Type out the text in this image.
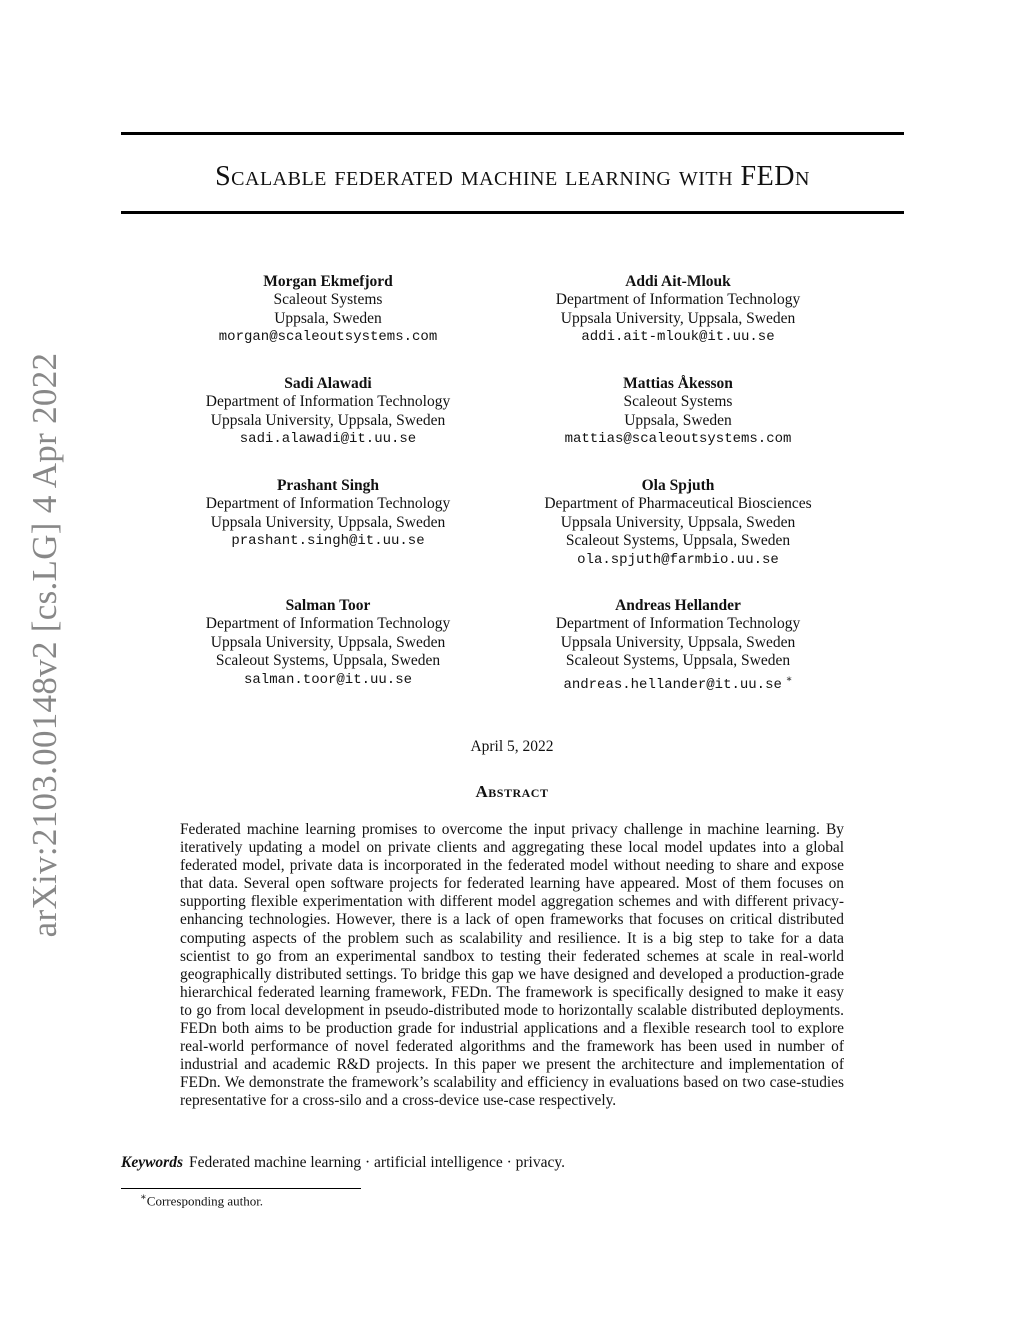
arXiv:2103.00148v2 [cs.LG] 4 Apr 2022
Scalable federated machine learning with FEDn
Morgan Ekmefjord
Scaleout Systems
Uppsala, Sweden
morgan@scaleoutsystems.com
Addi Ait-Mlouk
Department of Information Technology
Uppsala University, Uppsala, Sweden
addi.ait-mlouk@it.uu.se
Sadi Alawadi
Department of Information Technology
Uppsala University, Uppsala, Sweden
sadi.alawadi@it.uu.se
Mattias Åkesson
Scaleout Systems
Uppsala, Sweden
mattias@scaleoutsystems.com
Prashant Singh
Department of Information Technology
Uppsala University, Uppsala, Sweden
prashant.singh@it.uu.se
Ola Spjuth
Department of Pharmaceutical Biosciences
Uppsala University, Uppsala, Sweden
Scaleout Systems, Uppsala, Sweden
ola.spjuth@farmbio.uu.se
Salman Toor
Department of Information Technology
Uppsala University, Uppsala, Sweden
Scaleout Systems, Uppsala, Sweden
salman.toor@it.uu.se
Andreas Hellander
Department of Information Technology
Uppsala University, Uppsala, Sweden
Scaleout Systems, Uppsala, Sweden
andreas.hellander@it.uu.se ∗
April 5, 2022
Abstract
Federated machine learning promises to overcome the input privacy challenge in machine learning. By iteratively updating a model on private clients and aggregating these local model updates into a global federated model, private data is incorporated in the federated model without needing to share and expose that data. Several open software projects for federated learning have appeared. Most of them focuses on supporting flexible experimentation with different model aggregation schemes and with different privacy-enhancing technologies. However, there is a lack of open frameworks that focuses on critical distributed computing aspects of the problem such as scalability and resilience. It is a big step to take for a data scientist to go from an experimental sandbox to testing their federated schemes at scale in real-world geographically distributed settings. To bridge this gap we have designed and developed a production-grade hierarchical federated learning framework, FEDn. The framework is specifically designed to make it easy to go from local development in pseudo-distributed mode to horizontally scalable distributed deployments. FEDn both aims to be production grade for industrial applications and a flexible research tool to explore real-world performance of novel federated algorithms and the framework has been used in number of industrial and academic R&D projects. In this paper we present the architecture and implementation of FEDn. We demonstrate the framework’s scalability and efficiency in evaluations based on two case-studies representative for a cross-silo and a cross-device use-case respectively.
Keywords Federated machine learning · artificial intelligence · privacy.
∗Corresponding author.
